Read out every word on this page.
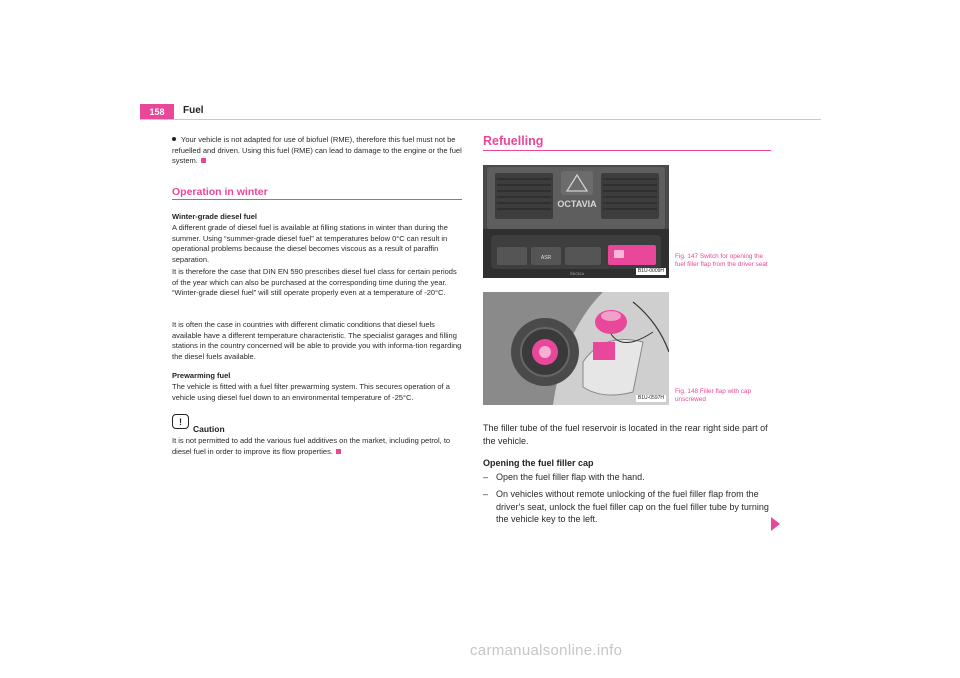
158	Fuel
Your vehicle is not adapted for use of biofuel (RME), therefore this fuel must not be refuelled and driven. Using this fuel (RME) can lead to damage to the engine or the fuel system.
Operation in winter
Winter-grade diesel fuel
A different grade of diesel fuel is available at filling stations in winter than during the summer. Using “summer-grade diesel fuel” at temperatures below 0°C can result in operational problems because the diesel becomes viscous as a result of paraffin separation.
It is therefore the case that DIN EN 590 prescribes diesel fuel class for certain periods of the year which can also be purchased at the corresponding time during the year. “Winter-grade diesel fuel” will still operate properly even at a temperature of -20°C.
It is often the case in countries with different climatic conditions that diesel fuels available have a different temperature characteristic. The specialist garages and filling stations in the country concerned will be able to provide you with informa-tion regarding the diesel fuels available.
Prewarming fuel
The vehicle is fitted with a fuel filter prewarming system. This secures operation of a vehicle using diesel fuel down to an environmental temperature of -25°C.
!
Caution
It is not permitted to add the various fuel additives on the market, including petrol, to diesel fuel in order to improve its flow properties.
Refuelling
OCTAVIA
ASR
ŠKODA	B1U-0009H
Fig. 147 Switch for opening the fuel filler flap from the driver seat
B1U-0597H
Fig. 148 Filler flap with cap unscrewed
The filler tube of the fuel reservoir is located in the rear right side part of the vehicle.
Opening the fuel filler cap
– Open the fuel filler flap with the hand.
– On vehicles without remote unlocking of the fuel filler flap from the driver's seat, unlock the fuel filler cap on the fuel filler tube by turning the vehicle key to the left.
carmanualsonline.info
